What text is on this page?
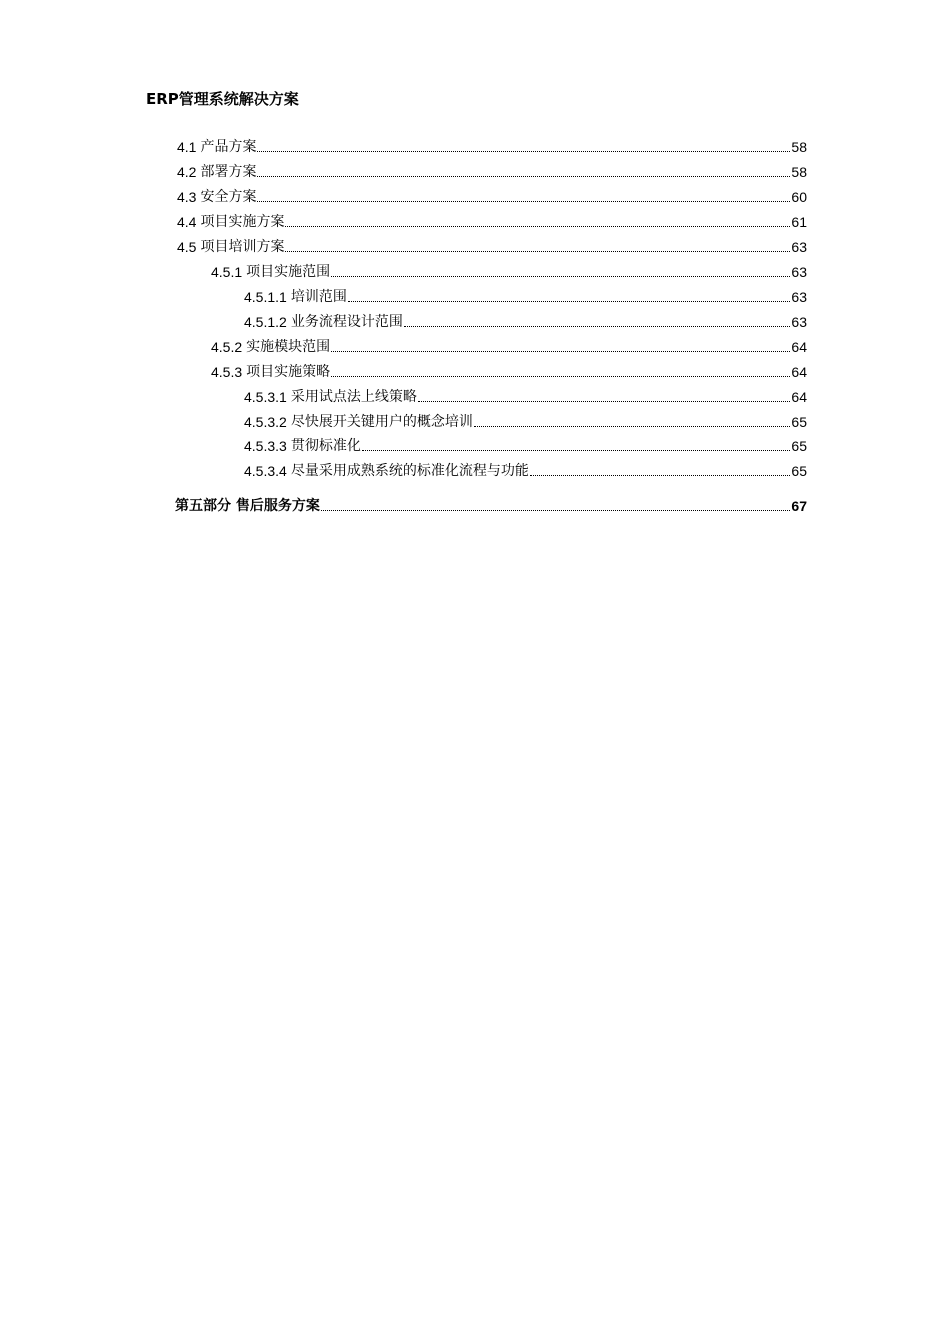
ERP管理系统解决方案
4.1 产品方案	58
4.2 部署方案	58
4.3 安全方案	60
4.4 项目实施方案	61
4.5 项目培训方案	63
4.5.1 项目实施范围	63
4.5.1.1 培训范围	63
4.5.1.2 业务流程设计范围	63
4.5.2 实施模块范围	64
4.5.3 项目实施策略	64
4.5.3.1 采用试点法上线策略	64
4.5.3.2 尽快展开关键用户的概念培训	65
4.5.3.3 贯彻标准化	65
4.5.3.4 尽量采用成熟系统的标准化流程与功能	65
第五部分 售后服务方案	67
